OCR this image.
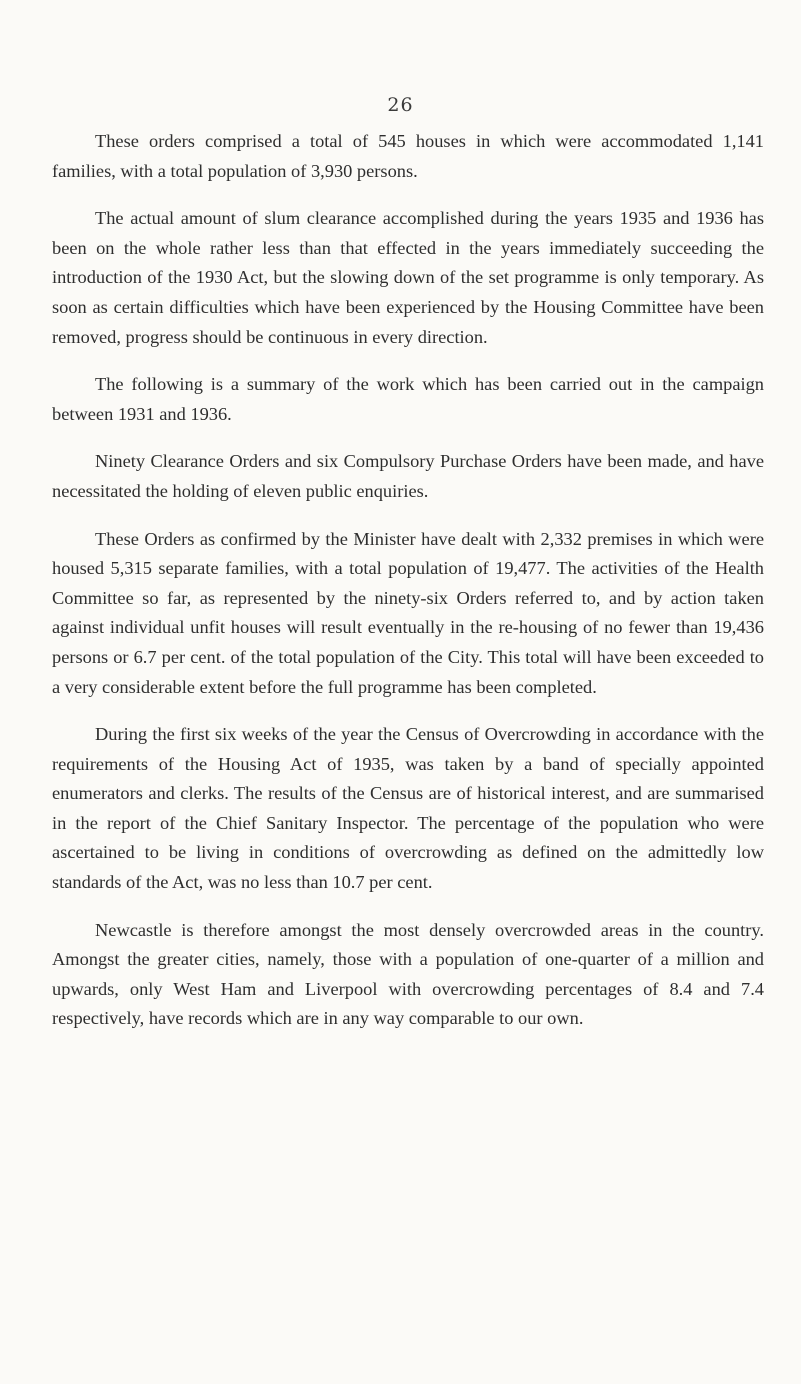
26

These orders comprised a total of 545 houses in which were accommodated 1,141 families, with a total population of 3,930 persons.

The actual amount of slum clearance accomplished during the years 1935 and 1936 has been on the whole rather less than that effected in the years immediately succeeding the introduction of the 1930 Act, but the slowing down of the set programme is only temporary. As soon as certain difficulties which have been experienced by the Housing Committee have been removed, progress should be continuous in every direction.

The following is a summary of the work which has been carried out in the campaign between 1931 and 1936.

Ninety Clearance Orders and six Compulsory Purchase Orders have been made, and have necessitated the holding of eleven public enquiries.

These Orders as confirmed by the Minister have dealt with 2,332 premises in which were housed 5,315 separate families, with a total population of 19,477. The activities of the Health Committee so far, as represented by the ninety-six Orders referred to, and by action taken against individual unfit houses will result eventually in the re-housing of no fewer than 19,436 persons or 6.7 per cent. of the total population of the City. This total will have been exceeded to a very considerable extent before the full programme has been completed.

During the first six weeks of the year the Census of Overcrowding in accordance with the requirements of the Housing Act of 1935, was taken by a band of specially appointed enumerators and clerks. The results of the Census are of historical interest, and are summarised in the report of the Chief Sanitary Inspector. The percentage of the population who were ascertained to be living in conditions of overcrowding as defined on the admittedly low standards of the Act, was no less than 10.7 per cent.

Newcastle is therefore amongst the most densely overcrowded areas in the country. Amongst the greater cities, namely, those with a population of one-quarter of a million and upwards, only West Ham and Liverpool with overcrowding percentages of 8.4 and 7.4 respectively, have records which are in any way comparable to our own.
